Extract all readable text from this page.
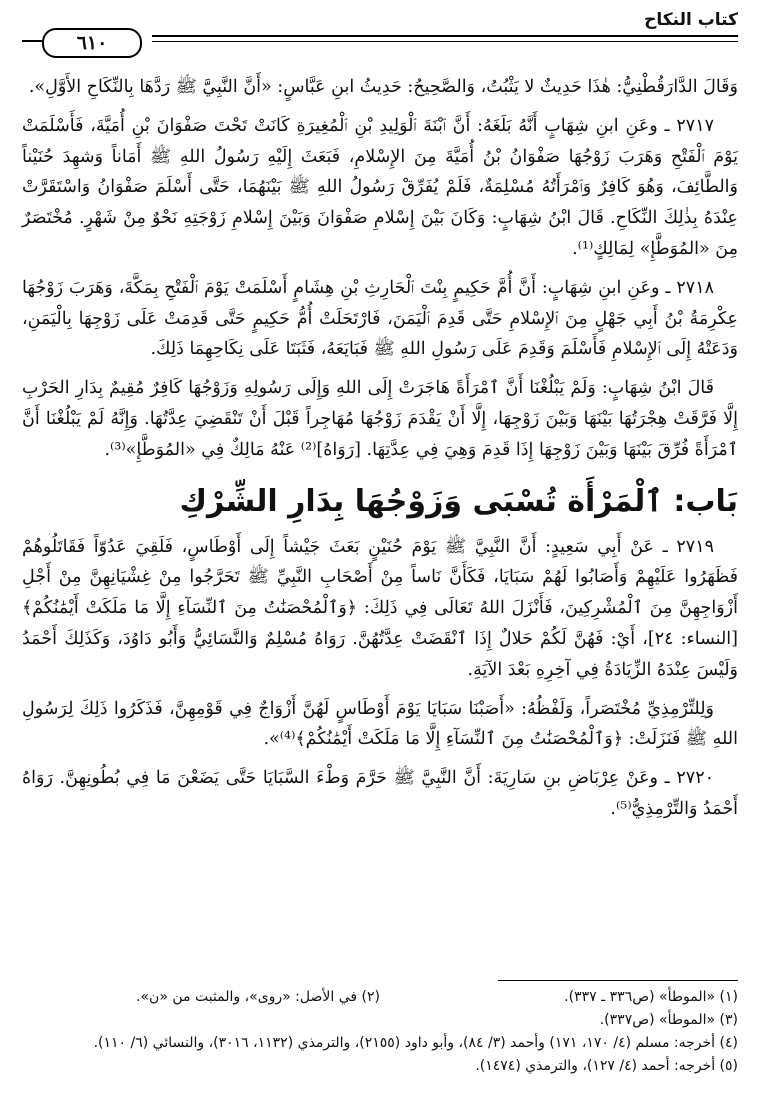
كتاب النكاح
٦١٠

وَقَالَ الدَّارَقُطْنِيُّ: هٰذَا حَدِيثٌ لا يَثْبُتُ، وَالصَّحِيحُ: حَدِيثُ ابنِ عَبَّاسٍ: «أَنَّ النَّبِيَّ ﷺ رَدَّهَا بِالنِّكَاحِ الأَوَّلِ».

٢٧١٧ ـ وعَنِ ابنِ شِهَابٍ أَنَّهُ بَلَغَهُ: أَنَّ ٱبْنَةَ ٱلْوَلِيدِ بْنِ ٱلْمُغِيرَةِ كَانَتْ تَحْتَ صَفْوَانَ بْنِ أُمَيَّةَ، فَأَسْلَمَتْ يَوْمَ ٱلْفَتْحِ وَهَرَبَ زَوْجُهَا صَفْوَانُ بْنُ أُمَيَّةَ مِنَ الإِسْلامِ، فَبَعَثَ إِلَيْهِ رَسُولُ اللهِ ﷺ أَمَاناً وَشهِدَ حُنَيْناً وَالطَّائِفَ، وَهُوَ كَافِرٌ وَٱمْرَأَتُهُ مُسْلِمَةٌ، فَلَمْ يُفَرِّقْ رَسُولُ اللهِ ﷺ بَيْنَهُمَا، حَتَّى أَسْلَمَ صَفْوَانُ وَاسْتَقَرَّتْ عِنْدَهُ بِذٰلِكَ النِّكَاحِ. قَالَ ابْنُ شِهَابٍ: وَكَانَ بَيْنَ إِسْلامِ صَفْوَانَ وَبَيْنَ إِسْلامِ زَوْجَتِهِ نَحْوٌ مِنْ شَهْرٍ. مُخْتَصَرٌ مِنَ «المُوَطَّإِ» لِمَالِكٍ⁽¹⁾.

٢٧١٨ ـ وعَنِ ابنِ شِهَابٍ: أَنَّ أُمَّ حَكِيمٍ بِنْتَ ٱلْحَارِثِ بْنِ هِشَامٍ أَسْلَمَتْ يَوْمَ ٱلْفَتْحِ بِمَكَّةَ، وَهَرَبَ زَوْجُهَا عِكْرِمَةُ بْنُ أَبِي جَهْلٍ مِنَ ٱلإِسْلامِ حَتَّى قَدِمَ ٱلْيَمَنَ، فَارْتَحَلَتْ أُمُّ حَكِيمٍ حَتَّى قَدِمَتْ عَلَى زَوْجِهَا بِالْيَمَنِ، وَدَعَتْهُ إِلَى ٱلإِسْلامِ فَأَسْلَمَ وَقَدِمَ عَلَى رَسُولِ اللهِ ﷺ فَبَايَعَهُ، فَثَبَتَا عَلَى نِكَاحِهِمَا ذَلِكَ.

قَالَ ابْنُ شِهَابٍ: وَلَمْ يَبْلُغْنَا أَنَّ ٱمْرَأَةً هَاجَرَتْ إِلَى اللهِ وَإِلَى رَسُولِهِ وَزَوْجُهَا كَافِرٌ مُقِيمٌ بِدَارِ الحَرْبِ إِلَّا فَرَّقَتْ هِجْرَتُهَا بَيْنَهَا وَبَيْنَ زَوْجِهَا، إِلَّا أَنْ يَقْدَمَ زَوْجُهَا مُهَاجِراً قَبْلَ أَنْ تَنْقَضِيَ عِدَّتُهَا. وَإِنَّهُ لَمْ يَبْلُغْنَا أَنَّ ٱمْرَأَةً فُرِّقَ بَيْنَهَا وَبَيْنَ زَوْجِهَا إِذَا قَدِمَ وَهِيَ فِي عِدَّتِهَا. [رَوَاهُ]⁽²⁾ عَنْهُ مَالِكٌ فِي «المُوَطَّإِ»⁽³⁾.

بَاب: ٱلْمَرْأَة تُسْبَى وَزَوْجُهَا بِدَارِ الشِّرْكِ

٢٧١٩ ـ عَنْ أَبِي سَعِيدٍ: أَنَّ النَّبِيَّ ﷺ يَوْمَ حُنَيْنٍ بَعَثَ جَيْشاً إِلَى أَوْطَاسٍ، فَلَقِيَ عَدُوّاً فَقَاتَلُوهُمْ فَظَهَرُوا عَلَيْهِمْ وَأَصَابُوا لَهُمْ سَبَايَا، فَكَأَنَّ نَاساً مِنْ أَصْحَابِ النَّبِيِّ ﷺ تَحَرَّجُوا مِنْ غِشْيَانِهِنَّ مِنْ أَجْلِ أَزْوَاجِهِنَّ مِنَ ٱلْمُشْرِكِينَ، فَأَنْزَلَ اللهُ تَعَالَى فِي ذَلِكَ: ﴿وَٱلْمُحْصَنَٰتُ مِنَ ٱلنِّسَآءِ إِلَّا مَا مَلَكَتْ أَيْمَٰنُكُمْ﴾ [النساء: ٢٤]، أَيْ: فَهُنَّ لَكُمْ حَلالٌ إِذَا ٱنْقَضَتْ عِدَّتُهُنَّ. رَوَاهُ مُسْلِمٌ وَالنَّسَائِيُّ وَأَبُو دَاوُدَ، وَكَذَلِكَ أَحْمَدُ وَلَيْسَ عِنْدَهُ الزِّيَادَةُ فِي آخِرِهِ بَعْدَ الآيَةِ.

وَلِلتِّرْمِذِيِّ مُخْتَصَراً، وَلَفْظُهُ: «أَصَبْنَا سَبَايَا يَوْمَ أَوْطَاسٍ لَهُنَّ أَزْوَاجٌ فِي قَوْمِهِنَّ، فَذَكَرُوا ذَلِكَ لِرَسُولِ اللهِ ﷺ فَنَزَلَتْ: ﴿وَٱلْمُحْصَنَٰتُ مِنَ ٱلنِّسَآءِ إِلَّا مَا مَلَكَتْ أَيْمَٰنُكُمْ﴾⁽⁴⁾».

٢٧٢٠ ـ وعَنْ عِرْبَاضِ بنِ سَارِيَةَ: أَنَّ النَّبِيَّ ﷺ حَرَّمَ وَطْءَ السَّبَايَا حَتَّى يَضَعْنَ مَا فِي بُطُونِهِنَّ. رَوَاهُ أَحْمَدُ وَالتِّرْمِذِيُّ⁽⁵⁾.

(١) «الموطأ» (ص٣٣٦ ـ ٣٣٧).

(٢) في الأصل: «روى»، والمثبت من «ن».

(٣) «الموطأ» (ص٣٣٧).

(٤) أخرجه: مسلم (٤/ ١٧٠، ١٧١) وأحمد (٣/ ٨٤)، وأبو داود (٢١٥٥)، والترمذي (١١٣٢، ٣٠١٦)، والنسائي (٦/ ١١٠).

(٥) أخرجه: أحمد (٤/ ١٢٧)، والترمذي (١٤٧٤).
